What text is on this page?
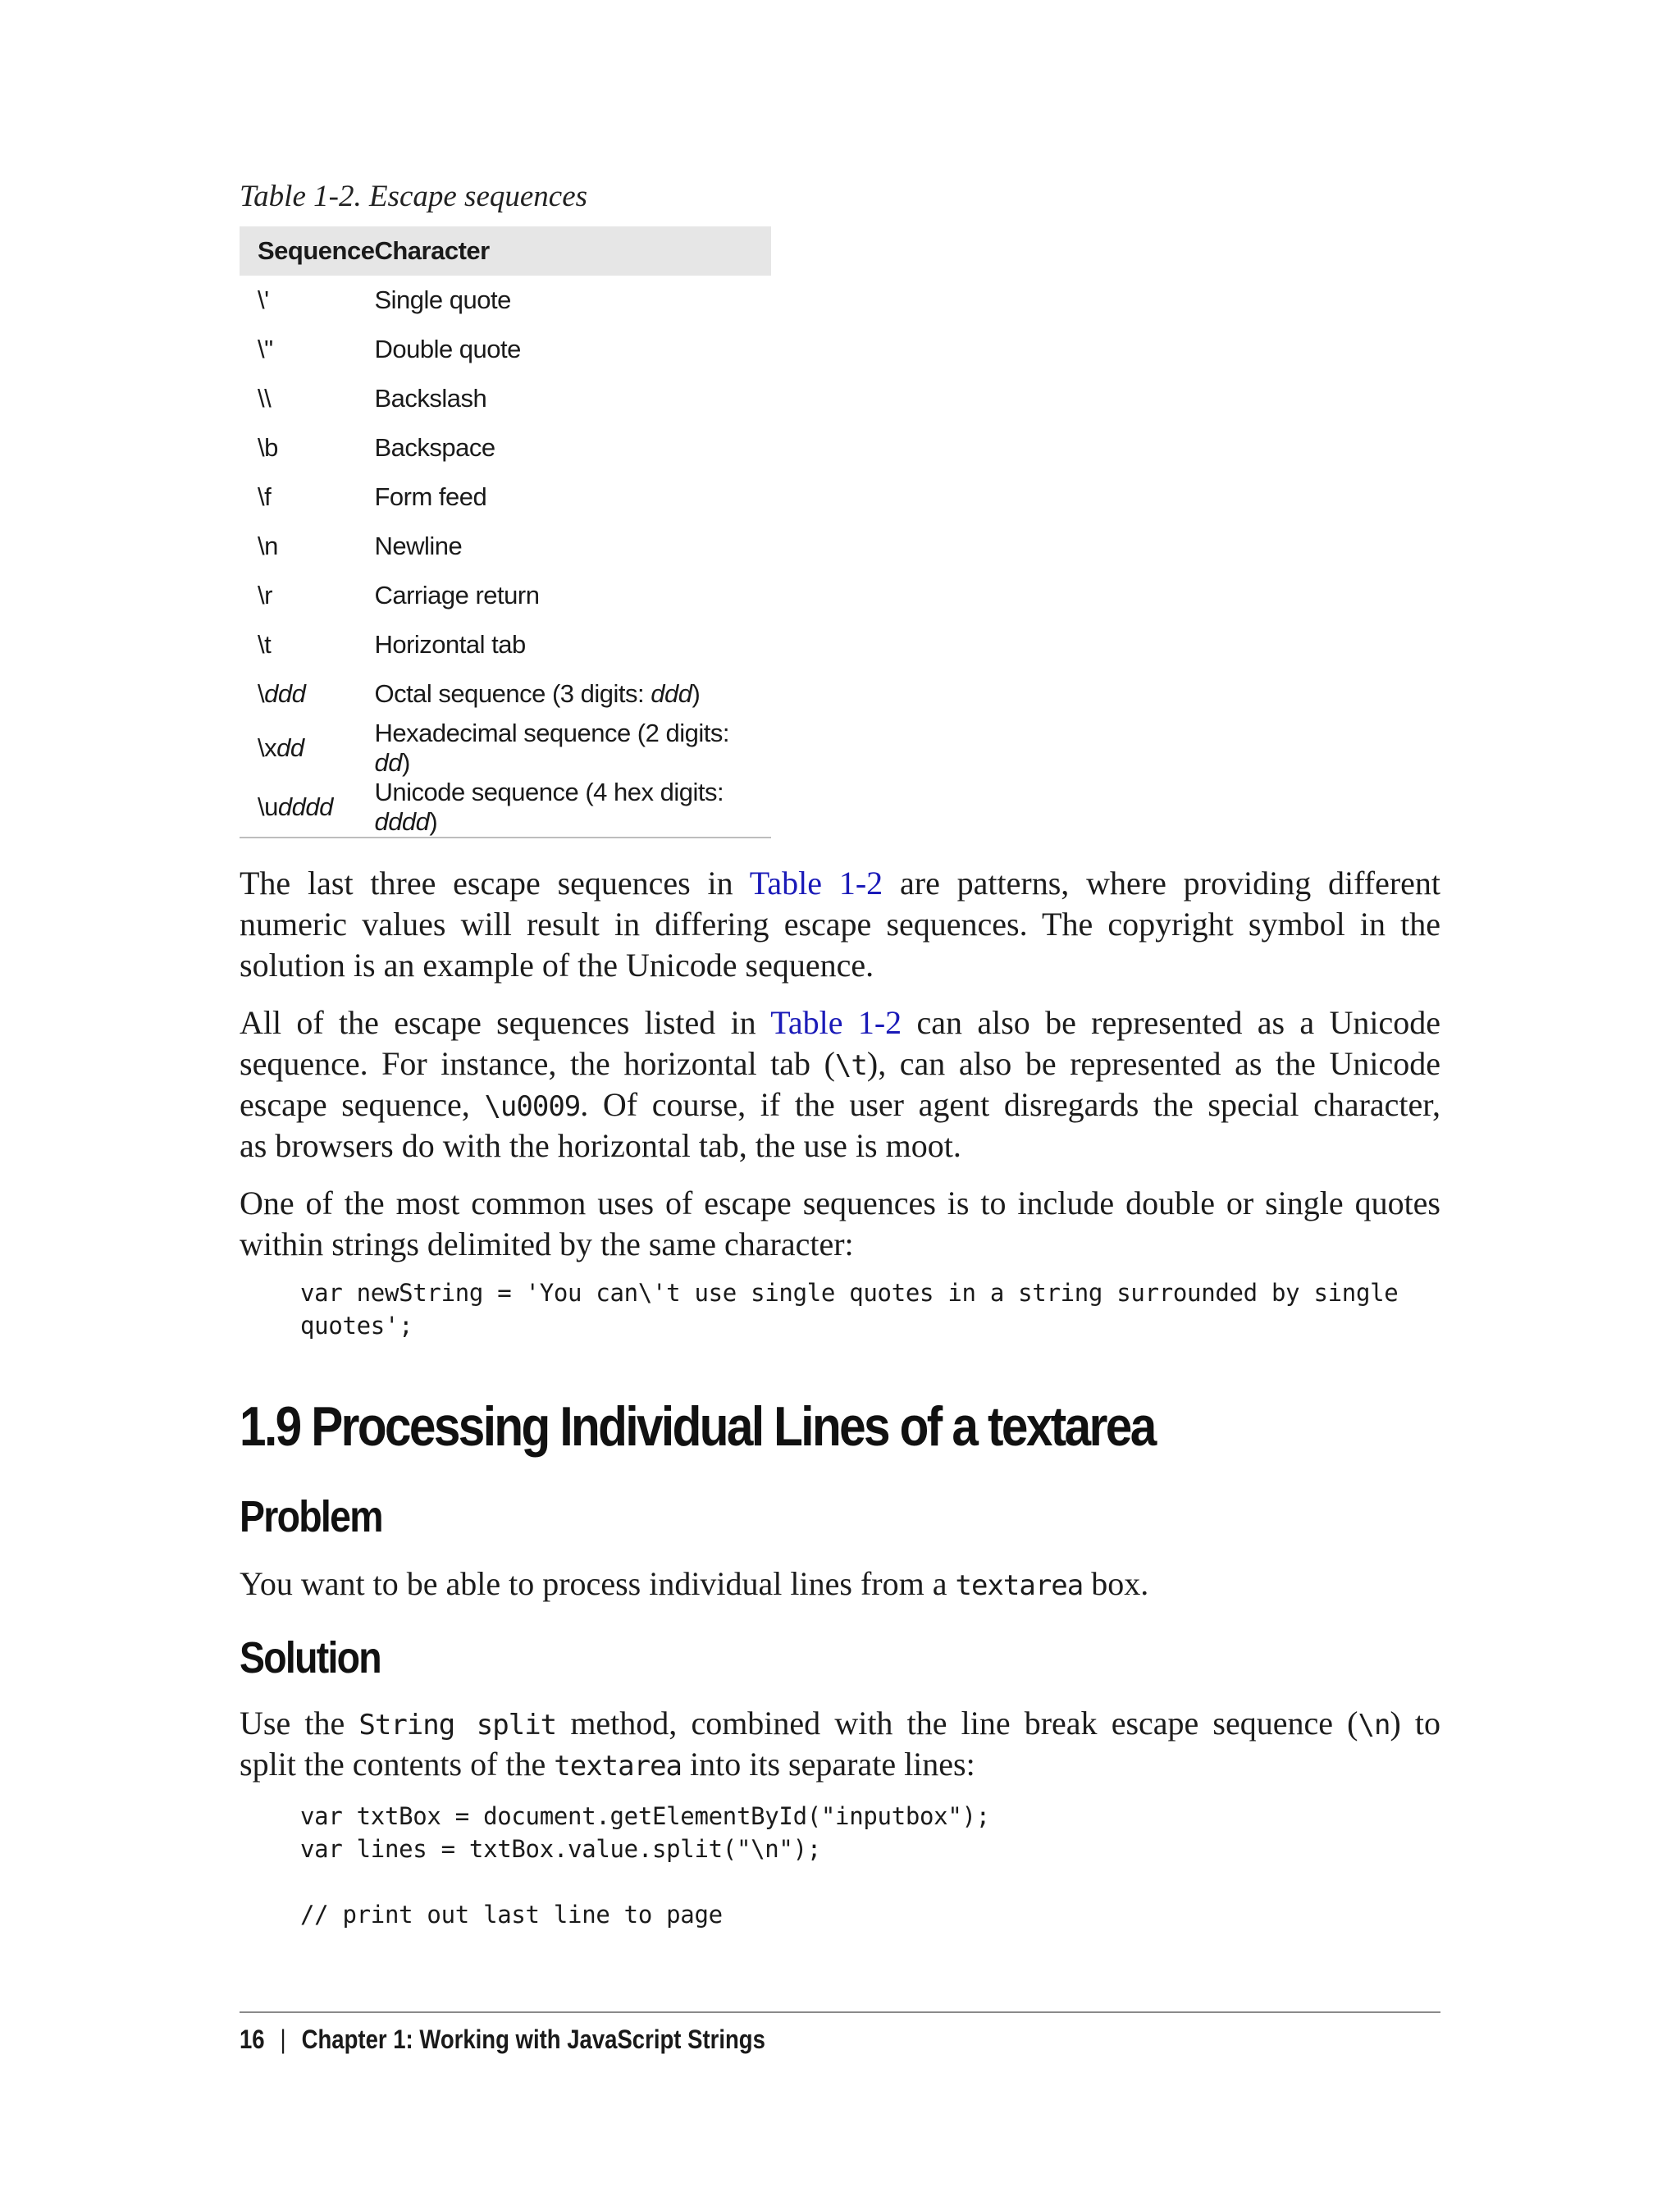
Table 1-2. Escape sequences
Sequence	Character
\'	Single quote
\"	Double quote
\\	Backslash
\b	Backspace
\f	Form feed
\n	Newline
\r	Carriage return
\t	Horizontal tab
\ddd	Octal sequence (3 digits: ddd)
\xdd	Hexadecimal sequence (2 digits: dd)
\udddd	Unicode sequence (4 hex digits: dddd)
The last three escape sequences in Table 1-2 are patterns, where providing different
numeric values will result in differing escape sequences. The copyright symbol in the
solution is an example of the Unicode sequence.
All of the escape sequences listed in Table 1-2 can also be represented as a Unicode
sequence. For instance, the horizontal tab (\t), can also be represented as the Unicode
escape sequence, \u0009. Of course, if the user agent disregards the special character,
as browsers do with the horizontal tab, the use is moot.
One of the most common uses of escape sequences is to include double or single quotes
within strings delimited by the same character:
var newString = 'You can\'t use single quotes in a string surrounded by single
quotes';
1.9 Processing Individual Lines of a textarea
Problem
You want to be able to process individual lines from a textarea box.
Solution
Use the String split method, combined with the line break escape sequence (\n) to
split the contents of the textarea into its separate lines:
var txtBox = document.getElementById("inputbox");
var lines = txtBox.value.split("\n");

// print out last line to page
16 | Chapter 1: Working with JavaScript Strings
